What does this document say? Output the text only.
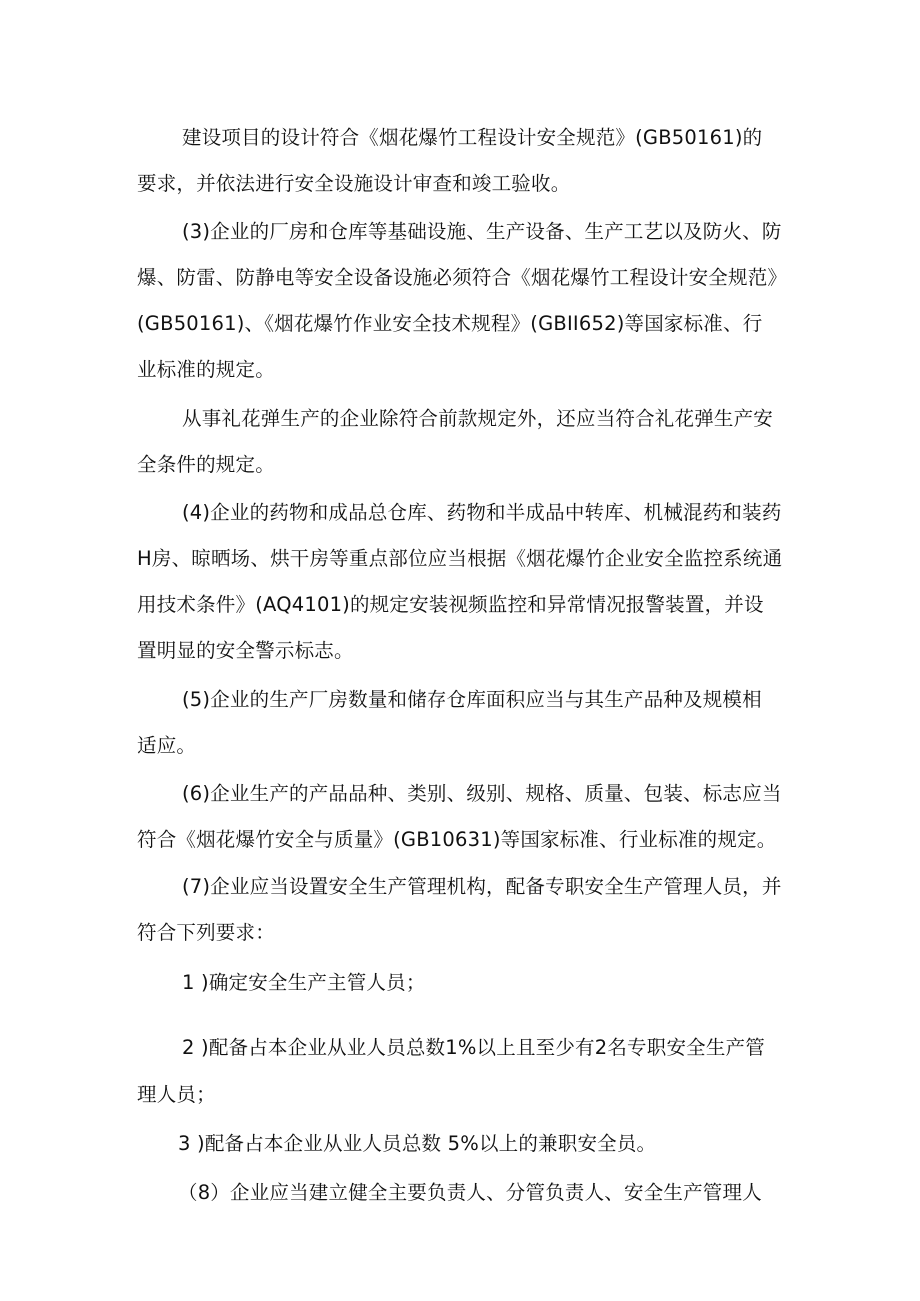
建设项目的设计符合《烟花爆竹工程设计安全规范》(GB50161)的
要求，并依法进行安全设施设计审查和竣工验收。
(3)企业的厂房和仓库等基础设施、生产设备、生产工艺以及防火、防
爆、防雷、防静电等安全设备设施必须符合《烟花爆竹工程设计安全规范》
(GB50161)、《烟花爆竹作业安全技术规程》(GBII652)等国家标准、行
业标准的规定。
从事礼花弹生产的企业除符合前款规定外，还应当符合礼花弹生产安
全条件的规定。
(4)企业的药物和成品总仓库、药物和半成品中转库、机械混药和装药
H房、晾晒场、烘干房等重点部位应当根据《烟花爆竹企业安全监控系统通
用技术条件》(AQ4101)的规定安装视频监控和异常情况报警装置，并设
置明显的安全警示标志。
(5)企业的生产厂房数量和储存仓库面积应当与其生产品种及规模相
适应。
(6)企业生产的产品品种、类别、级别、规格、质量、包装、标志应当
符合《烟花爆竹安全与质量》(GB10631)等国家标准、行业标准的规定。
(7)企业应当设置安全生产管理机构，配备专职安全生产管理人员，并
符合下列要求：
1 )确定安全生产主管人员；
2 )配备占本企业从业人员总数1%以上且至少有2名专职安全生产管
理人员；
3 )配备占本企业从业人员总数 5%以上的兼职安全员。
（8）企业应当建立健全主要负责人、分管负责人、安全生产管理人
